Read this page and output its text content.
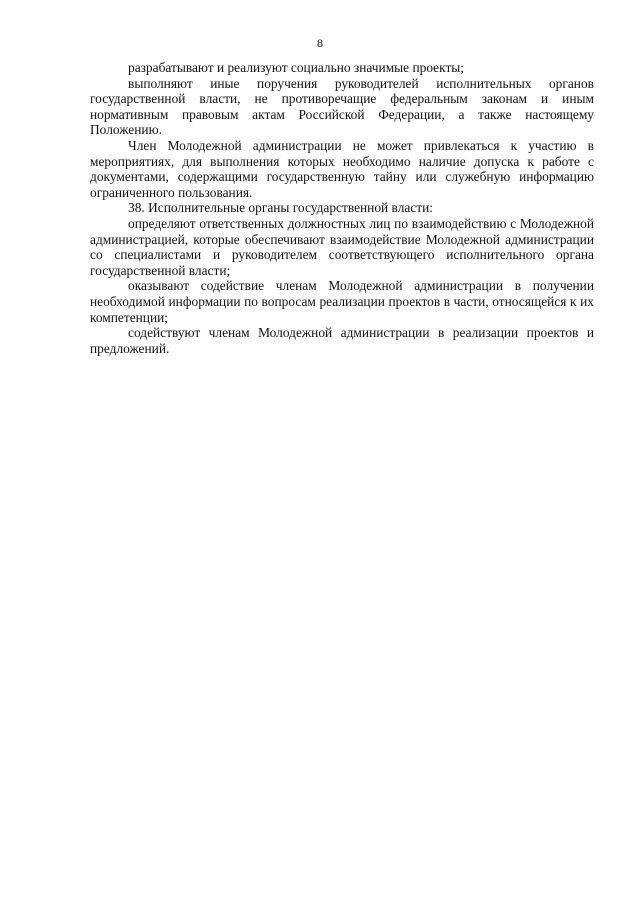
8

разрабатывают и реализуют социально значимые проекты;

выполняют иные поручения руководителей исполнительных органов государственной власти, не противоречащие федеральным законам и иным нормативным правовым актам Российской Федерации, а также настоящему Положению.

Член Молодежной администрации не может привлекаться к участию в мероприятиях, для выполнения которых необходимо наличие допуска к работе с документами, содержащими государственную тайну или служебную информацию ограниченного пользования.

38. Исполнительные органы государственной власти:

определяют ответственных должностных лиц по взаимодействию с Молодежной администрацией, которые обеспечивают взаимодействие Молодежной администрации со специалистами и руководителем соответствующего исполнительного органа государственной власти;

оказывают содействие членам Молодежной администрации в получении необходимой информации по вопросам реализации проектов в части, относящейся к их компетенции;

содействуют членам Молодежной администрации в реализации проектов и предложений.
